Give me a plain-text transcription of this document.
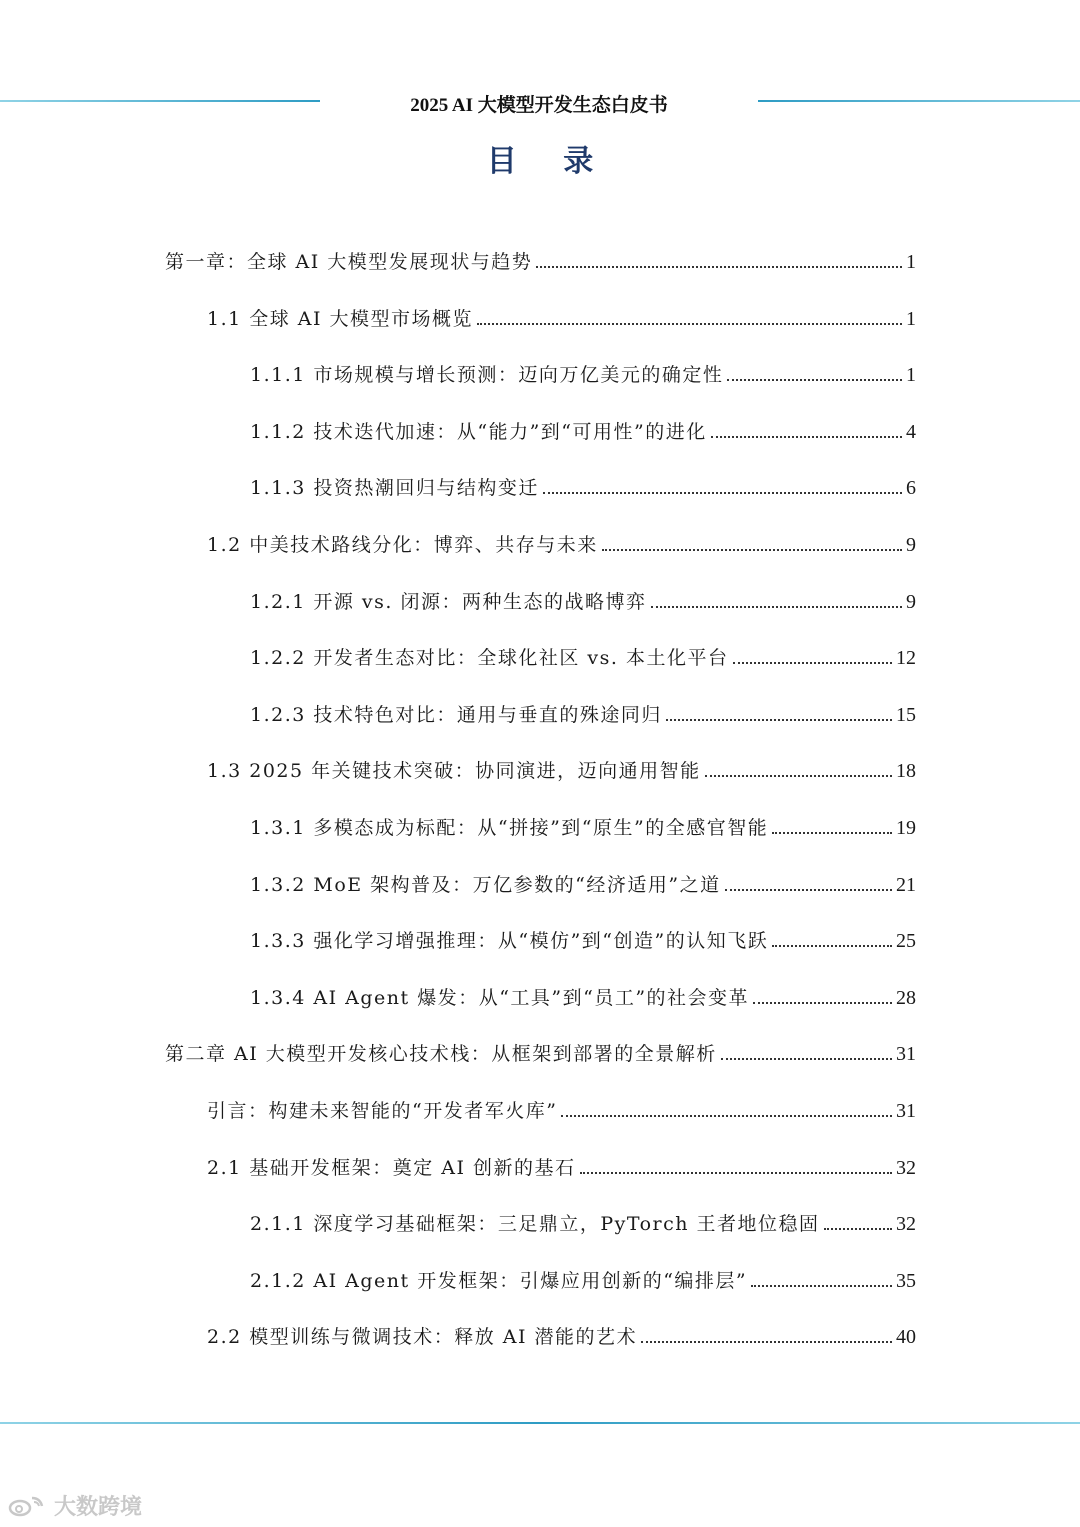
2025 AI 大模型开发生态白皮书
目 录
第一章：全球 AI 大模型发展现状与趋势	1
1.1 全球 AI 大模型市场概览	1
1.1.1 市场规模与增长预测：迈向万亿美元的确定性	1
1.1.2 技术迭代加速：从“能力”到“可用性”的进化	4
1.1.3 投资热潮回归与结构变迁	6
1.2 中美技术路线分化：博弈、共存与未来	9
1.2.1 开源 vs. 闭源：两种生态的战略博弈	9
1.2.2 开发者生态对比：全球化社区 vs. 本土化平台	12
1.2.3 技术特色对比：通用与垂直的殊途同归	15
1.3 2025 年关键技术突破：协同演进，迈向通用智能	18
1.3.1 多模态成为标配：从“拼接”到“原生”的全感官智能	19
1.3.2 MoE 架构普及：万亿参数的“经济适用”之道	21
1.3.3 强化学习增强推理：从“模仿”到“创造”的认知飞跃	25
1.3.4 AI Agent 爆发：从“工具”到“员工”的社会变革	28
第二章 AI 大模型开发核心技术栈：从框架到部署的全景解析	31
引言：构建未来智能的“开发者军火库”	31
2.1 基础开发框架：奠定 AI 创新的基石	32
2.1.1 深度学习基础框架：三足鼎立，PyTorch 王者地位稳固	32
2.1.2 AI Agent 开发框架：引爆应用创新的“编排层”	35
2.2 模型训练与微调技术：释放 AI 潜能的艺术	40
大数跨境
